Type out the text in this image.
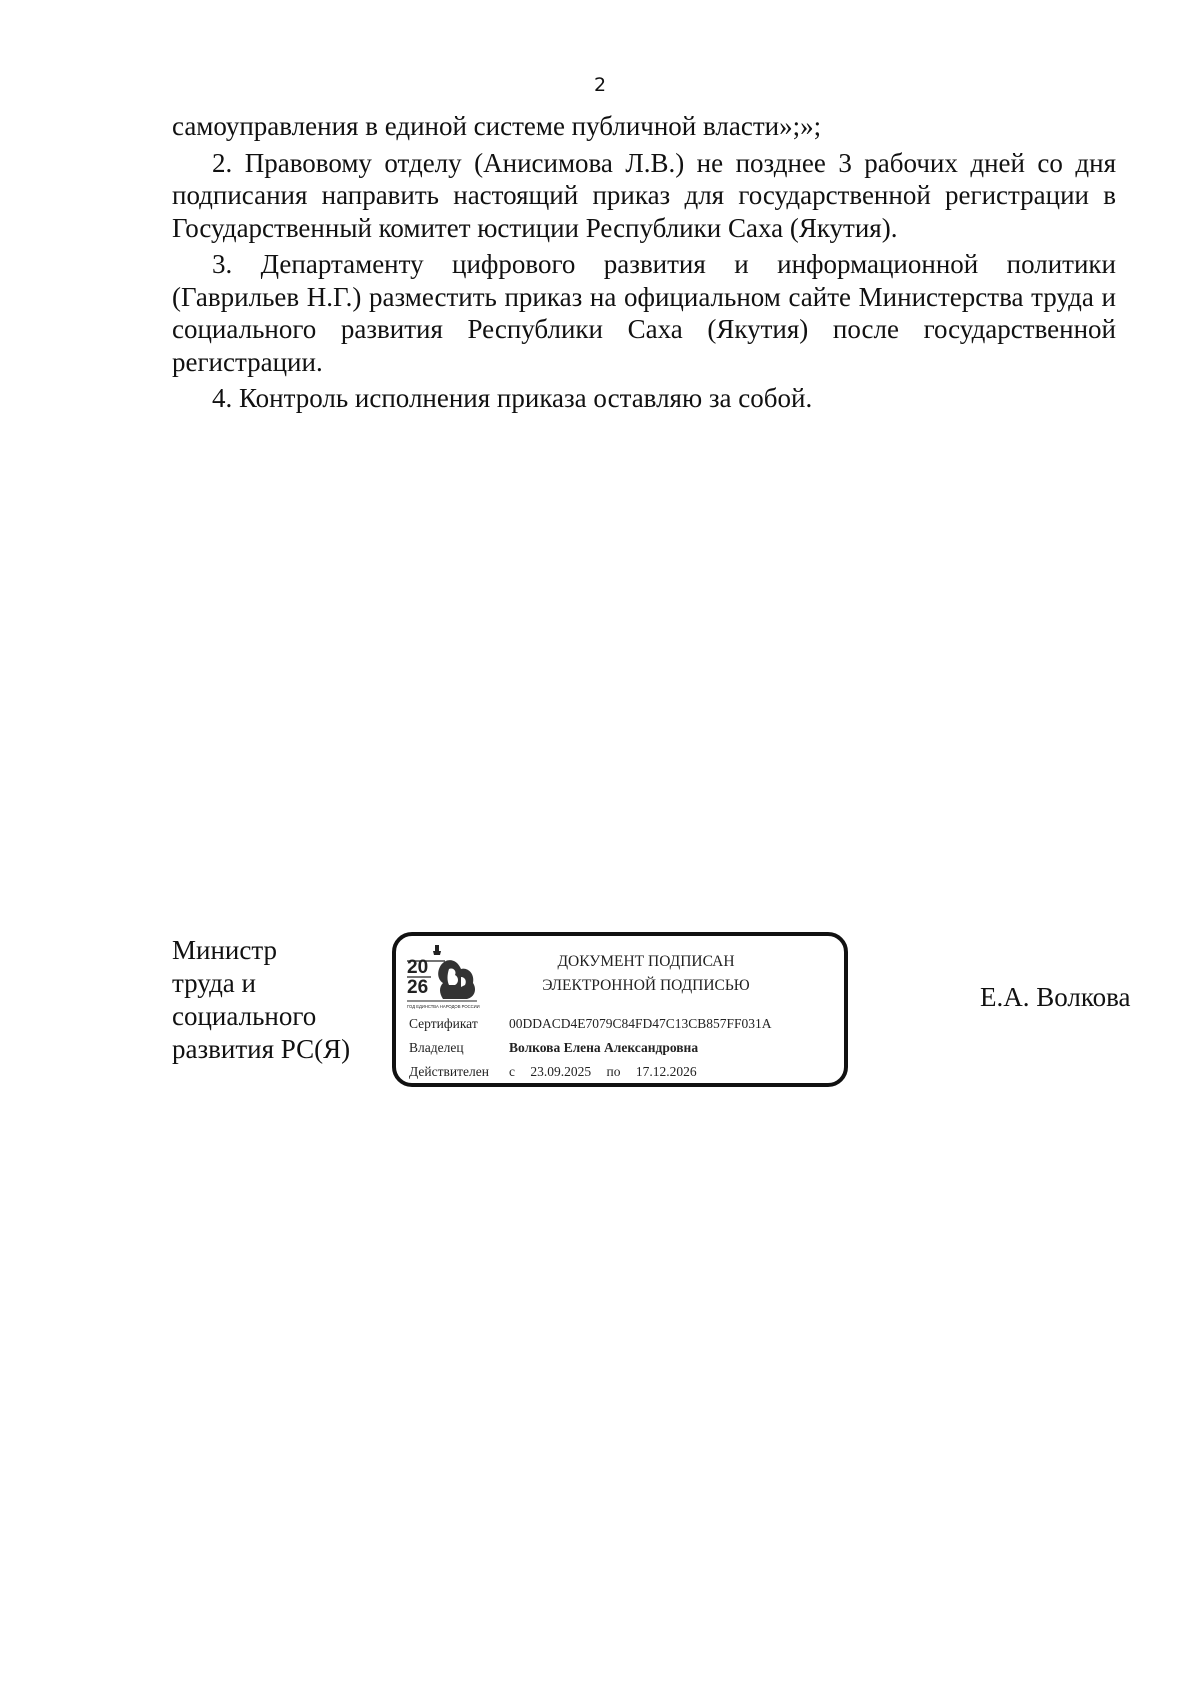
2

самоуправления в единой системе публичной власти»;»;

2. Правовому отделу (Анисимова Л.В.) не позднее 3 рабочих дней со дня подписания направить настоящий приказ для государственной регистрации в Государственный комитет юстиции Республики Саха (Якутия).

3. Департаменту цифрового развития и информационной политики (Гаврильев Н.Г.) разместить приказ на официальном сайте Министерства труда и социального развития Республики Саха (Якутия) после государственной регистрации.

4. Контроль исполнения приказа оставляю за собой.

Министр
труда и
социального
развития РС(Я)
20
26
ГОД ЕДИНСТВА НАРОДОВ РОССИИ
ДОКУМЕНТ ПОДПИСАН
ЭЛЕКТРОННОЙ ПОДПИСЬЮ
Сертификат 00DDACD4E7079C84FD47C13CB857FF031A
Владелец	Волкова Елена Александровна
Действителен с 23.09.2025 по 17.12.2026
Е.А. Волкова
